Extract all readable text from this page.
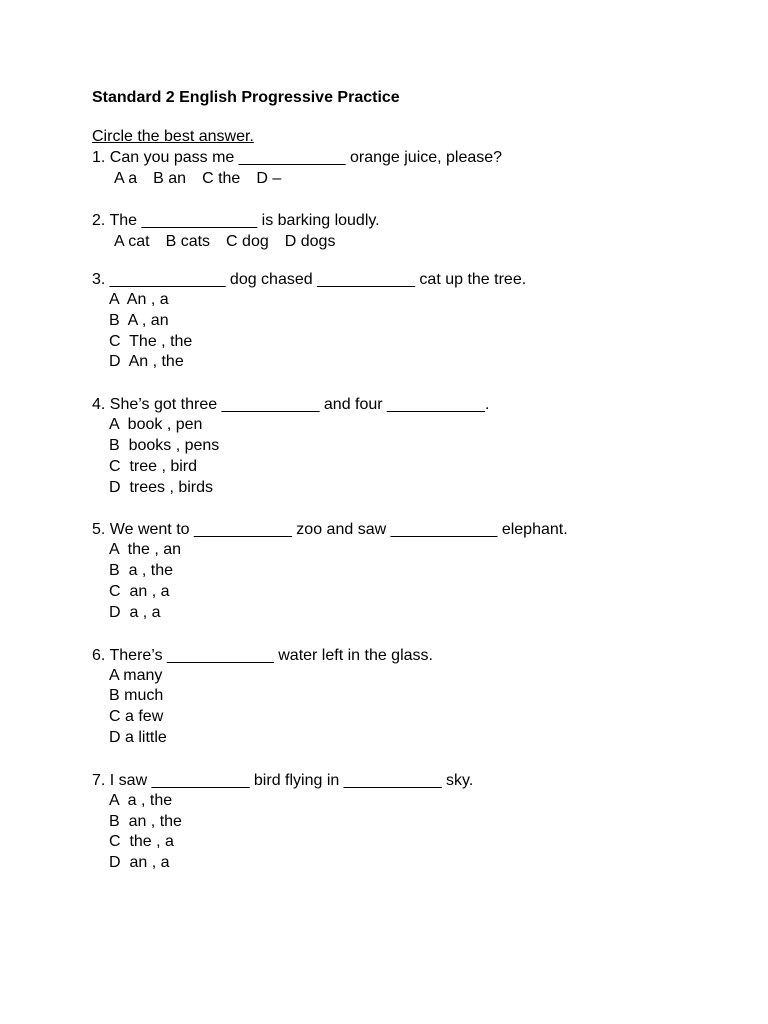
Standard 2 English Progressive Practice
Circle the best answer.
1. Can you pass me ____________ orange juice, please?
A a B an C the D –
2. The _____________ is barking loudly.
A cat B cats C dog D dogs
3. _____________ dog chased ___________ cat up the tree.
A  An , a
B  A , an
C  The , the
D  An , the
4. She’s got three ___________ and four ___________.
A  book , pen
B  books , pens
C  tree , bird
D  trees , birds
5. We went to ___________ zoo and saw ____________ elephant.
A  the , an
B  a , the
C  an , a
D  a , a
6. There’s ____________ water left in the glass.
A many
B much
C a few
D a little
7. I saw ___________ bird flying in ___________ sky.
A  a , the
B  an , the
C  the , a
D  an , a
